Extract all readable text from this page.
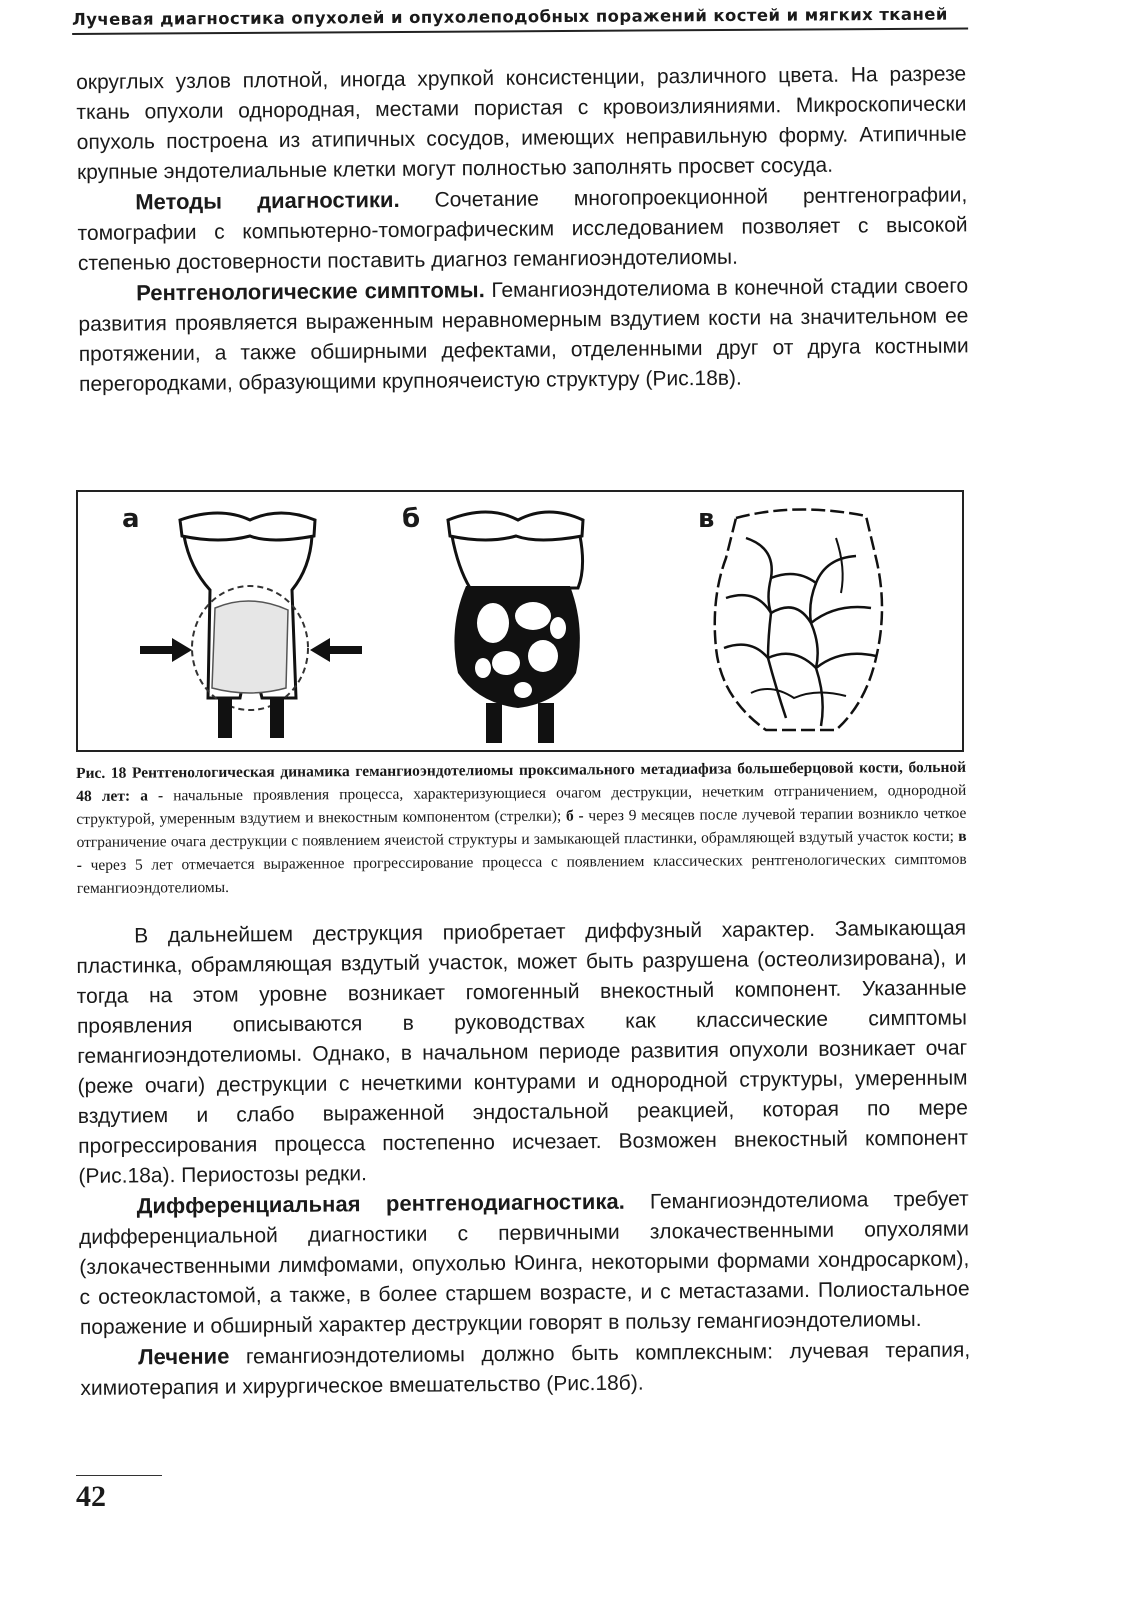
Лучевая диагностика опухолей и опухолеподобных поражений костей и мягких тканей

округлых узлов плотной, иногда хрупкой консистенции, различного цвета. На разрезе ткань опухоли однородная, местами пористая с кровоизлияниями. Микроскопически опухоль построена из атипичных сосудов, имеющих неправильную форму. Атипичные крупные эндотелиальные клетки могут полностью заполнять просвет сосуда.

Методы диагностики. Сочетание многопроекционной рентгенографии, томографии с компьютерно-томографическим исследованием позволяет с высокой степенью достоверности поставить диагноз гемангиоэндотелиомы.

Рентгенологические симптомы. Гемангиоэндотелиома в конечной стадии своего развития проявляется выраженным неравномерным вздутием кости на значительном ее протяжении, а также обширными дефектами, отделенными друг от друга костными перегородками, образующими крупноячеистую структуру (Рис.18в).

а	б	в
Рис. 18 Рентгенологическая динамика гемангиоэндотелиомы проксимального метадиафиза большеберцовой кости, больной 48 лет: а - начальные проявления процесса, характеризующиеся очагом деструкции, нечетким отграничением, однородной структурой, умеренным вздутием и внекостным компонентом (стрелки); б - через 9 месяцев после лучевой терапии возникло четкое отграничение очага деструкции с появлением ячеистой структуры и замыкающей пластинки, обрамляющей вздутый участок кости; в - через 5 лет отмечается выраженное прогрессирование процесса с появлением классических рентгенологических симптомов гемангиоэндотелиомы.

В дальнейшем деструкция приобретает диффузный характер. Замыкающая пластинка, обрамляющая вздутый участок, может быть разрушена (остеолизирована), и тогда на этом уровне возникает гомогенный внекостный компонент. Указанные проявления описываются в руководствах как классические симптомы гемангиоэндотелиомы. Однако, в начальном периоде развития опухоли возникает очаг (реже очаги) деструкции с нечеткими контурами и однородной структуры, умеренным вздутием и слабо выраженной эндостальной реакцией, которая по мере прогрессирования процесса постепенно исчезает. Возможен внекостный компонент (Рис.18а). Периостозы редки.

Дифференциальная рентгенодиагностика. Гемангиоэндотелиома требует дифференциальной диагностики с первичными злокачественными опухолями (злокачественными лимфомами, опухолью Юинга, некоторыми формами хондросарком), с остеокластомой, а также, в более старшем возрасте, и с метастазами. Полиостальное поражение и обширный характер деструкции говорят в пользу гемангиоэндотелиомы.

Лечение гемангиоэндотелиомы должно быть комплексным: лучевая терапия, химиотерапия и хирургическое вмешательство (Рис.18б).

42
